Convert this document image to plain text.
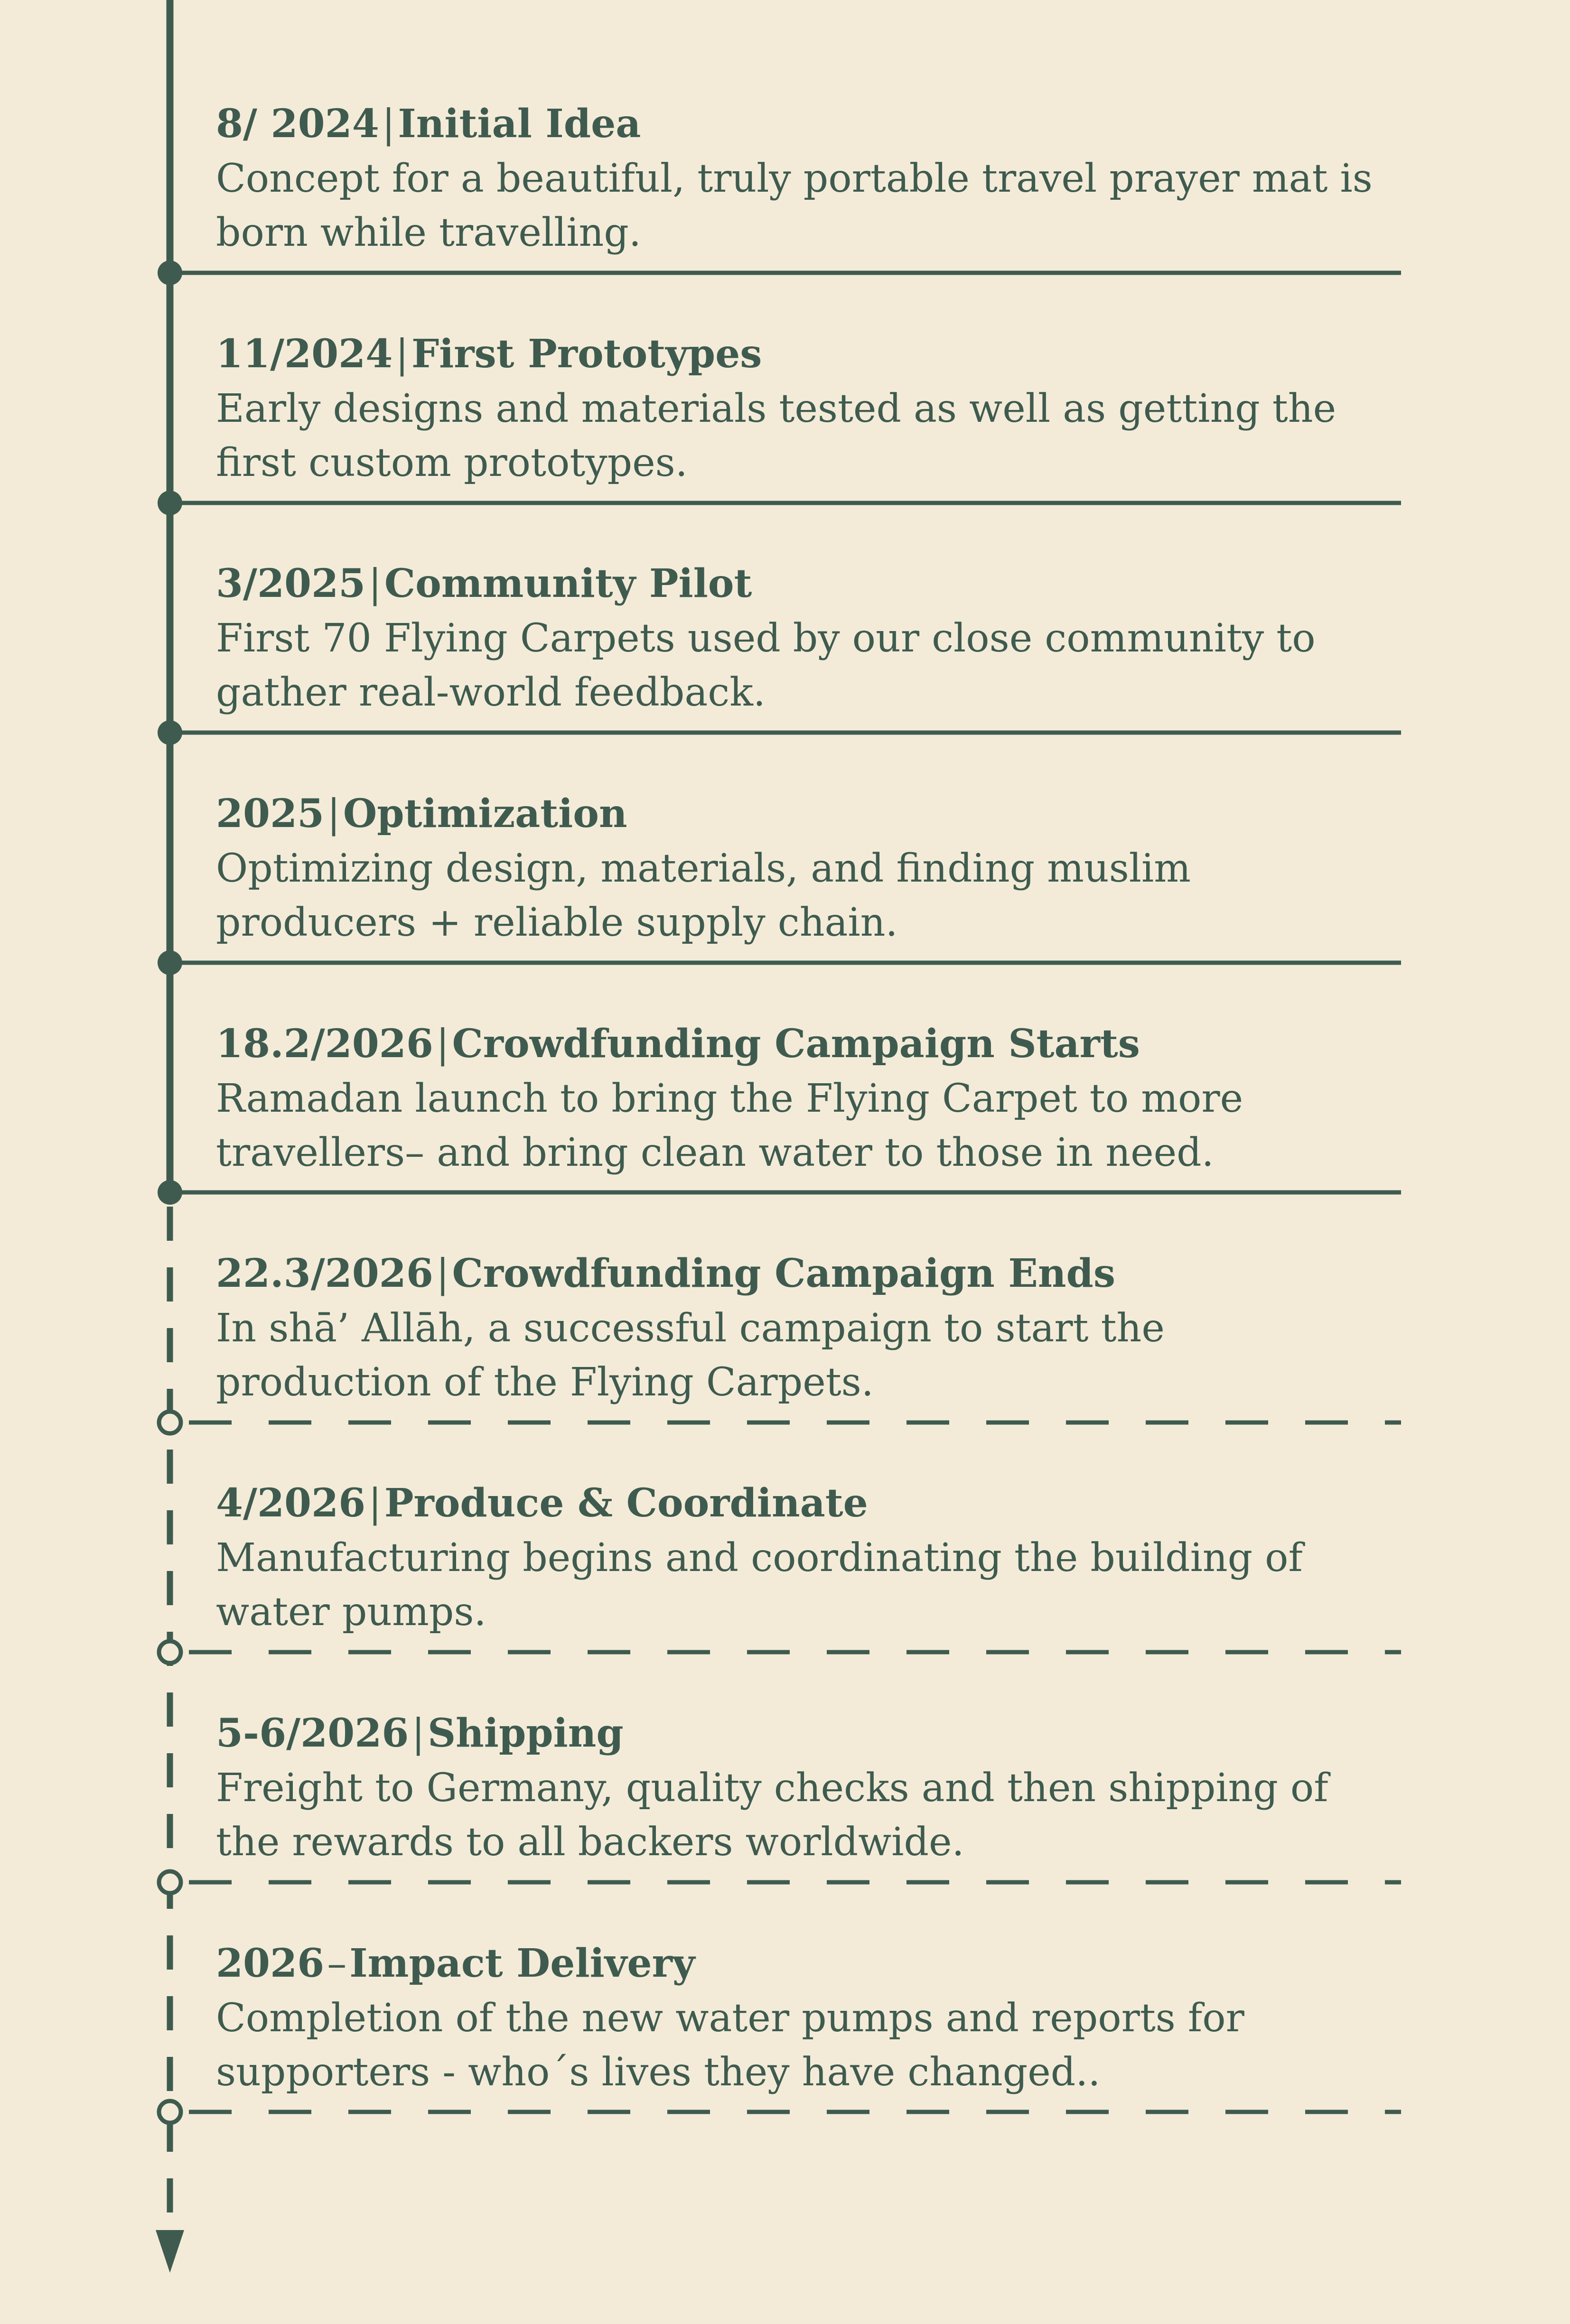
8/ 2024|Initial Idea
Concept for a beautiful, truly portable travel prayer mat is
born while travelling.
11/2024|First Prototypes
Early designs and materials tested as well as getting the
first custom prototypes.
3/2025|Community Pilot
First 70 Flying Carpets used by our close community to
gather real-world feedback.
2025|Optimization
Optimizing design, materials, and finding muslim
producers + reliable supply chain.
18.2/2026|Crowdfunding Campaign Starts
Ramadan launch to bring the Flying Carpet to more
travellers– and bring clean water to those in need.
22.3/2026|Crowdfunding Campaign Ends
In shā’ Allāh, a successful campaign to start the
production of the Flying Carpets.
4/2026|Produce & Coordinate
Manufacturing begins and coordinating the building of
water pumps.
5-6/2026|Shipping
Freight to Germany, quality checks and then shipping of
the rewards to all backers worldwide.
2026–Impact Delivery
Completion of the new water pumps and reports for
supporters - who´s lives they have changed..
